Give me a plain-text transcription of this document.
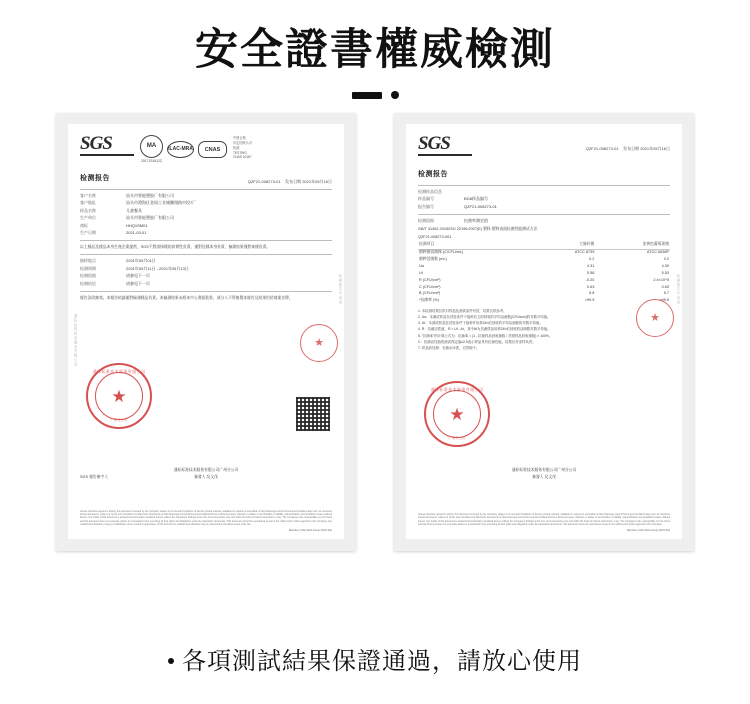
安全證書權威檢測
SGS	MA
2017191612Z
ILAC-MRA CNAS
中国合格
评定国家认可
检测
TESTING
CNAS L0187
检测报告	QZF21-008273-01 发布日期 2021年05月16日
客户名称	汕头市智能塑胶厂有限公司
客户地址	汕头市澄海区金园工业城鹏翔路中段7厂
样品名称	儿童餐具
生产单位	汕头市智能塑胶厂有限公司
商标	HHQ1SM01
生产日期	2021-03-01
以上樣品及樣品本身生產企業提供，SGS不對該採樣的真實性負責，僅對送樣本身負責，檢測結果僅對來樣負責。
抽样地点	2021年05月01日
检测周期	2021年05月11日 - 2021年05月13日
检测依据	请参见下一页
检测结论	请参见下一页
報告涂改無效。本報告結論僅對檢測樣品負責。本檢測結果未經本中心書面批准，部分人不得複製本報告及結果用於商業宣傳。
通标标准技术服务有限公司
★
广州分公司
★
通标标准技术服务有限公司
检测报告专用章
SGS 報告簽字人
通标标准技术服务有限公司广州分公司
簽發人 吳文茂
Unless otherwise agreed in writing, this document is issued by the Company subject to its General Conditions of Service printed overleaf, available on request or accessible at http://www.sgs.com/en/Terms-and-Conditions.aspx and, for electronic format documents, subject to Terms and Conditions for Electronic Documents at http://www.sgs.com/en/Terms-and-Conditions/Terms-e-Document.aspx. Attention is drawn to the limitation of liability, indemnification and jurisdiction issues defined therein. Any holder of this document is advised that information contained hereon reflects the Company's findings at the time of its intervention only and within the limits of Client's instructions, if any. The Company's sole responsibility is to its Client and this document does not exonerate parties to a transaction from exercising all their rights and obligations under the transaction documents. This document cannot be reproduced except in full, without prior written approval of the Company. Any unauthorized alteration, forgery or falsification of the content or appearance of this document is unlawful and offenders may be prosecuted to the fullest extent of the law.
Member of the SGS Group (SGS SA)
SGS	QZF21-008273-01 发布日期 2021年05月16日
检测报告
检测样品信息
样品编号	BG8样品编号
报告编号	QZF21-008273-01
检测依据	抗菌率测定值
GB/T 31402-2015/ISO 22196:2007(E) 塑料-塑料表面抗菌性能测试方法
QZF21-008273-001
检测项目	大肠杆菌	金黄色葡萄球菌
菌种测试菌株 (C/CFU/mL)	ATCC 8739	ATCC 6538P
菌种活菌数 (mL)	0.2	0.2
Ua	4.31	4.30
Ut	5.58	5.53
R (CFU/cm²)	-0.20	2.4×10^5
C (CFU/cm²)	0.63	0.63
B (CFU/cm²)	5.8	5.7
*抗菌率 (%)	>99.9	>99.9
1. 本检测结果仅供对样品及测试条件有效，结果仅供参考。
2. Ua：本测试样品在试验条件下接种后立即回收的平均活菌数(CFU/cm²)的对数平均值。
3. Ut：本测试样品在试验条件下接种并培养24h后回收的平均活菌数的对数平均值。
4. R：抗菌活性值，R = Ut - At，其中At为抗菌样品培养24h后回收的活菌数对数平均值。
5. "抗菌率"的计算公式为：抗菌率 = (1 - 抗菌样品回收菌数 / 对照样品回收菌数) × 100%。
C：抗菌活性值的测试判定值≥2.0表示样品具有抗菌性能，结果仅对来样负责。
7. 样品前处理：无菌水冲洗，自然晾干。
通标标准技术服务有限公司
★
广州分公司
★
检测报告专用章
通标标准技术服务有限公司广州分公司
簽發人 吳文茂
Unless otherwise agreed in writing, this document is issued by the Company subject to its General Conditions of Service printed overleaf, available on request or accessible at http://www.sgs.com/en/Terms-and-Conditions.aspx and, for electronic format documents, subject to Terms and Conditions for Electronic Documents at http://www.sgs.com/en/Terms-and-Conditions/Terms-e-Document.aspx. Attention is drawn to the limitation of liability, indemnification and jurisdiction issues defined therein. Any holder of this document is advised that information contained hereon reflects the Company's findings at the time of its intervention only and within the limits of Client's instructions, if any. The Company's sole responsibility is to its Client and this document does not exonerate parties to a transaction from exercising all their rights and obligations under the transaction documents. This document cannot be reproduced except in full, without prior written approval of the Company.
Member of the SGS Group (SGS SA)
各項測試結果保證通過，請放心使用
